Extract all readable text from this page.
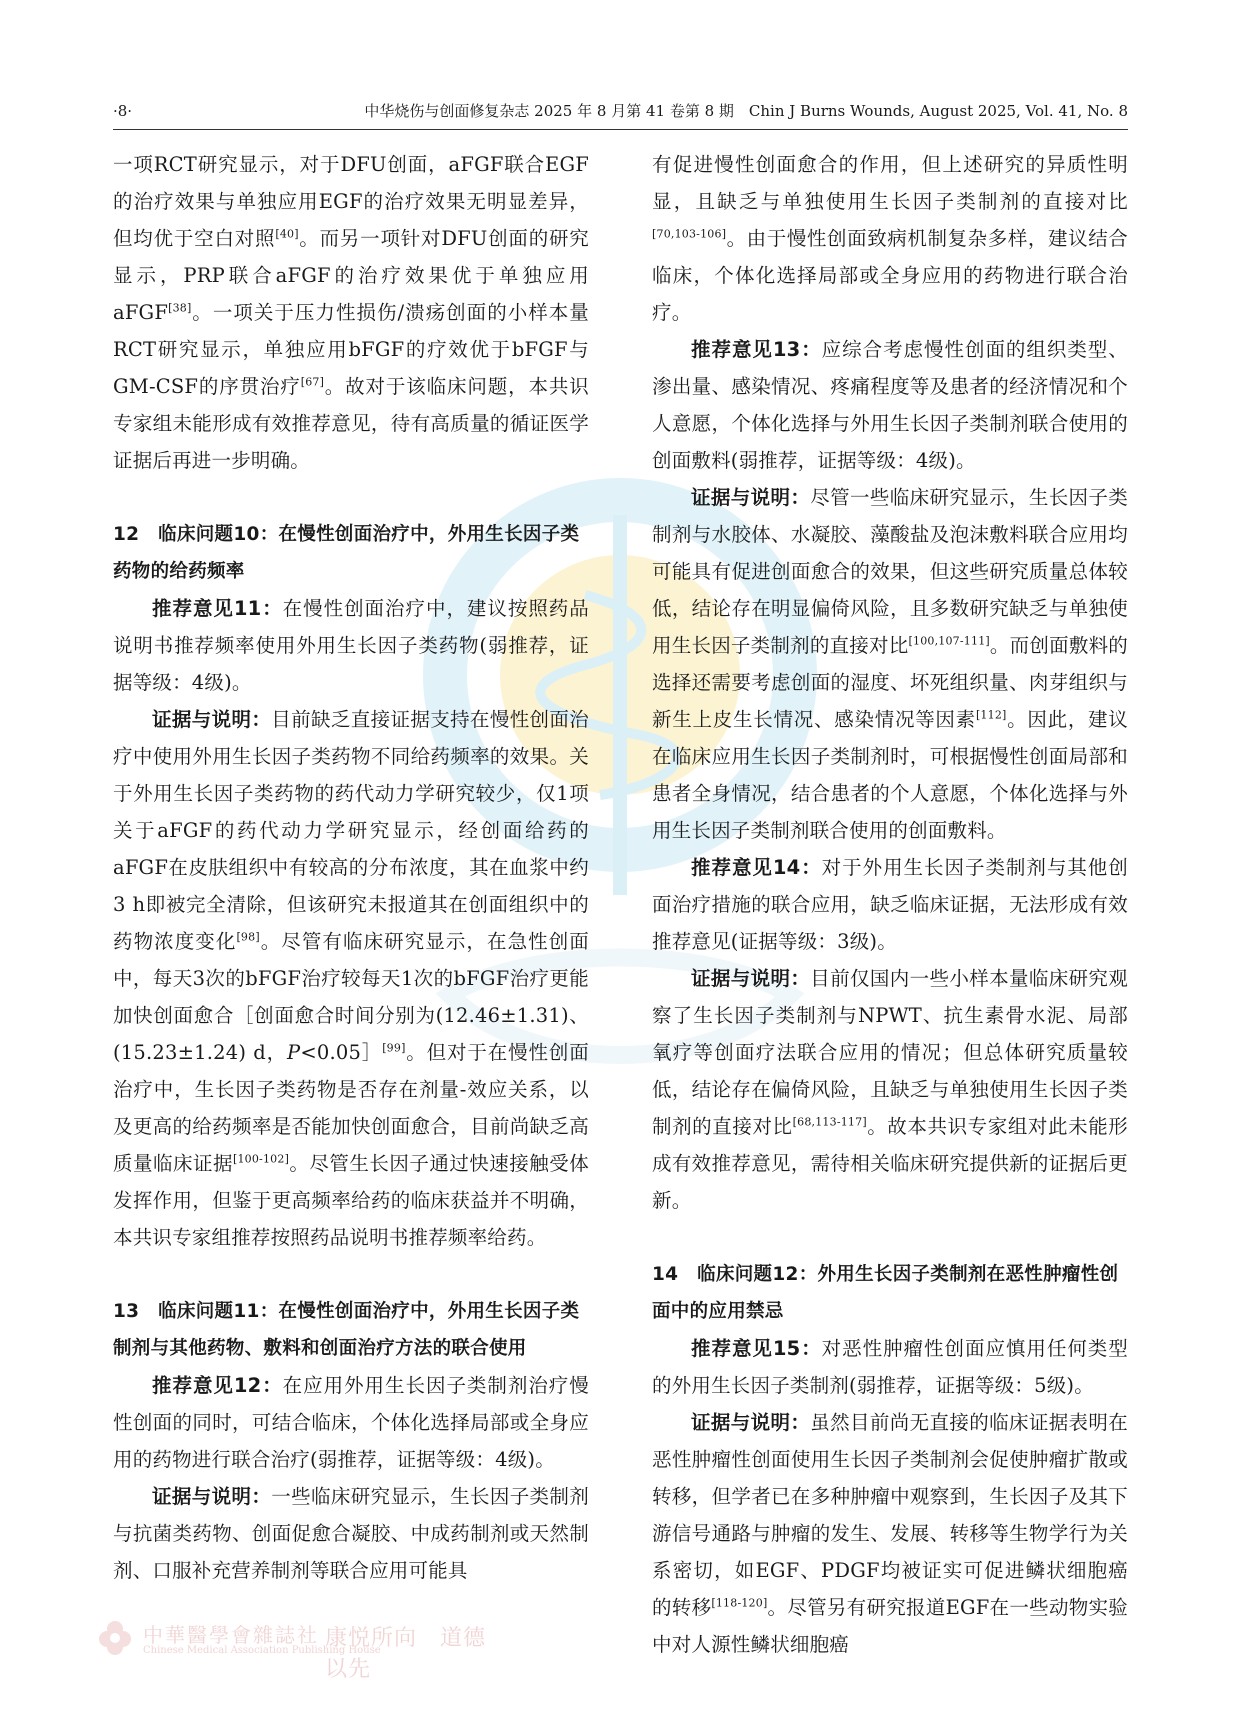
·8·	中华烧伤与创面修复杂志 2025 年 8 月第 41 卷第 8 期　Chin J Burns Wounds, August 2025, Vol. 41, No. 8

一项RCT研究显示，对于DFU创面，aFGF联合EGF的治疗效果与单独应用EGF的治疗效果无明显差异，但均优于空白对照[40]。而另一项针对DFU创面的研究显示，PRP联合aFGF的治疗效果优于单独应用aFGF[38]。一项关于压力性损伤/溃疡创面的小样本量RCT研究显示，单独应用bFGF的疗效优于bFGF与GM-CSF的序贯治疗[67]。故对于该临床问题，本共识专家组未能形成有效推荐意见，待有高质量的循证医学证据后再进一步明确。

12　临床问题10：在慢性创面治疗中，外用生长因子类药物的给药频率

推荐意见11：在慢性创面治疗中，建议按照药品说明书推荐频率使用外用生长因子类药物(弱推荐，证据等级：4级)。

证据与说明：目前缺乏直接证据支持在慢性创面治疗中使用外用生长因子类药物不同给药频率的效果。关于外用生长因子类药物的药代动力学研究较少，仅1项关于aFGF的药代动力学研究显示，经创面给药的aFGF在皮肤组织中有较高的分布浓度，其在血浆中约3 h即被完全清除，但该研究未报道其在创面组织中的药物浓度变化[98]。尽管有临床研究显示，在急性创面中，每天3次的bFGF治疗较每天1次的bFGF治疗更能加快创面愈合［创面愈合时间分别为(12.46±1.31)、(15.23±1.24) d，P<0.05］[99]。但对于在慢性创面治疗中，生长因子类药物是否存在剂量-效应关系，以及更高的给药频率是否能加快创面愈合，目前尚缺乏高质量临床证据[100-102]。尽管生长因子通过快速接触受体发挥作用，但鉴于更高频率给药的临床获益并不明确，本共识专家组推荐按照药品说明书推荐频率给药。

13　临床问题11：在慢性创面治疗中，外用生长因子类制剂与其他药物、敷料和创面治疗方法的联合使用

推荐意见12：在应用外用生长因子类制剂治疗慢性创面的同时，可结合临床，个体化选择局部或全身应用的药物进行联合治疗(弱推荐，证据等级：4级)。

证据与说明：一些临床研究显示，生长因子类制剂与抗菌类药物、创面促愈合凝胶、中成药制剂或天然制剂、口服补充营养制剂等联合应用可能具

有促进慢性创面愈合的作用，但上述研究的异质性明显，且缺乏与单独使用生长因子类制剂的直接对比[70,103-106]。由于慢性创面致病机制复杂多样，建议结合临床，个体化选择局部或全身应用的药物进行联合治疗。

推荐意见13：应综合考虑慢性创面的组织类型、渗出量、感染情况、疼痛程度等及患者的经济情况和个人意愿，个体化选择与外用生长因子类制剂联合使用的创面敷料(弱推荐，证据等级：4级)。

证据与说明：尽管一些临床研究显示，生长因子类制剂与水胶体、水凝胶、藻酸盐及泡沫敷料联合应用均可能具有促进创面愈合的效果，但这些研究质量总体较低，结论存在明显偏倚风险，且多数研究缺乏与单独使用生长因子类制剂的直接对比[100,107-111]。而创面敷料的选择还需要考虑创面的湿度、坏死组织量、肉芽组织与新生上皮生长情况、感染情况等因素[112]。因此，建议在临床应用生长因子类制剂时，可根据慢性创面局部和患者全身情况，结合患者的个人意愿，个体化选择与外用生长因子类制剂联合使用的创面敷料。

推荐意见14：对于外用生长因子类制剂与其他创面治疗措施的联合应用，缺乏临床证据，无法形成有效推荐意见(证据等级：3级)。

证据与说明：目前仅国内一些小样本量临床研究观察了生长因子类制剂与NPWT、抗生素骨水泥、局部氧疗等创面疗法联合应用的情况；但总体研究质量较低，结论存在偏倚风险，且缺乏与单独使用生长因子类制剂的直接对比[68,113-117]。故本共识专家组对此未能形成有效推荐意见，需待相关临床研究提供新的证据后更新。

14　临床问题12：外用生长因子类制剂在恶性肿瘤性创面中的应用禁忌

推荐意见15：对恶性肿瘤性创面应慎用任何类型的外用生长因子类制剂(弱推荐，证据等级：5级)。

证据与说明：虽然目前尚无直接的临床证据表明在恶性肿瘤性创面使用生长因子类制剂会促使肿瘤扩散或转移，但学者已在多种肿瘤中观察到，生长因子及其下游信号通路与肿瘤的发生、发展、转移等生物学行为关系密切，如EGF、PDGF均被证实可促进鳞状细胞癌的转移[118-120]。尽管另有研究报道EGF在一些动物实验中对人源性鳞状细胞癌

中華醫學會雜誌社
Chinese Medical Association Publishing House
康悦所向　道德以先
